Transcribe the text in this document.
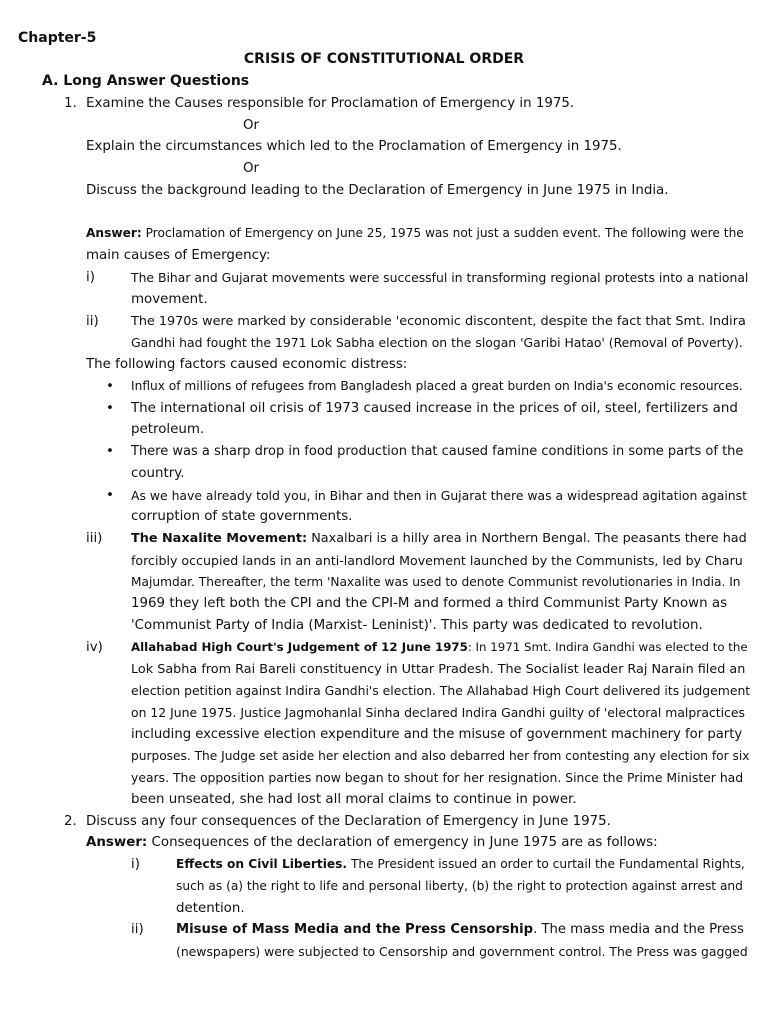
Chapter-5
CRISIS OF CONSTITUTIONAL ORDER
A. Long Answer Questions
1. Examine the Causes responsible for Proclamation of Emergency in 1975.
Or
Explain the circumstances which led to the Proclamation of Emergency in 1975.
Or
Discuss the background leading to the Declaration of Emergency in June 1975 in India.
Answer: Proclamation of Emergency on June 25, 1975 was not just a sudden event. The following were the
main causes of Emergency:
i)	The Bihar and Gujarat movements were successful in transforming regional protests into a national
movement.
ii)	The 1970s were marked by considerable 'economic discontent, despite the fact that Smt. Indira
Gandhi had fought the 1971 Lok Sabha election on the slogan 'Garibi Hatao' (Removal of Poverty).
The following factors caused economic distress:
• Influx of millions of refugees from Bangladesh placed a great burden on India's economic resources.
• The international oil crisis of 1973 caused increase in the prices of oil, steel, fertilizers and
petroleum.
• There was a sharp drop in food production that caused famine conditions in some parts of the
country.
• As we have already told you, in Bihar and then in Gujarat there was a widespread agitation against
corruption of state governments.
iii) The Naxalite Movement: Naxalbari is a hilly area in Northern Bengal. The peasants there had
forcibly occupied lands in an anti-landlord Movement launched by the Communists, led by Charu
Majumdar. Thereafter, the term 'Naxalite was used to denote Communist revolutionaries in India. In
1969 they left both the CPI and the CPI-M and formed a third Communist Party Known as
'Communist Party of India (Marxist- Leninist)'. This party was dedicated to revolution.
iv) Allahabad High Court's Judgement of 12 June 1975: In 1971 Smt. Indira Gandhi was elected to the
Lok Sabha from Rai Bareli constituency in Uttar Pradesh. The Socialist leader Raj Narain filed an
election petition against Indira Gandhi's election. The Allahabad High Court delivered its judgement
on 12 June 1975. Justice Jagmohanlal Sinha declared Indira Gandhi guilty of 'electoral malpractices
including excessive election expenditure and the misuse of government machinery for party
purposes. The Judge set aside her election and also debarred her from contesting any election for six
years. The opposition parties now began to shout for her resignation. Since the Prime Minister had
been unseated, she had lost all moral claims to continue in power.
2. Discuss any four consequences of the Declaration of Emergency in June 1975.
Answer: Consequences of the declaration of emergency in June 1975 are as follows:
i)	Effects on Civil Liberties. The President issued an order to curtail the Fundamental Rights,
such as (a) the right to life and personal liberty, (b) the right to protection against arrest and
detention.
ii) Misuse of Mass Media and the Press Censorship. The mass media and the Press
(newspapers) were subjected to Censorship and government control. The Press was gagged
